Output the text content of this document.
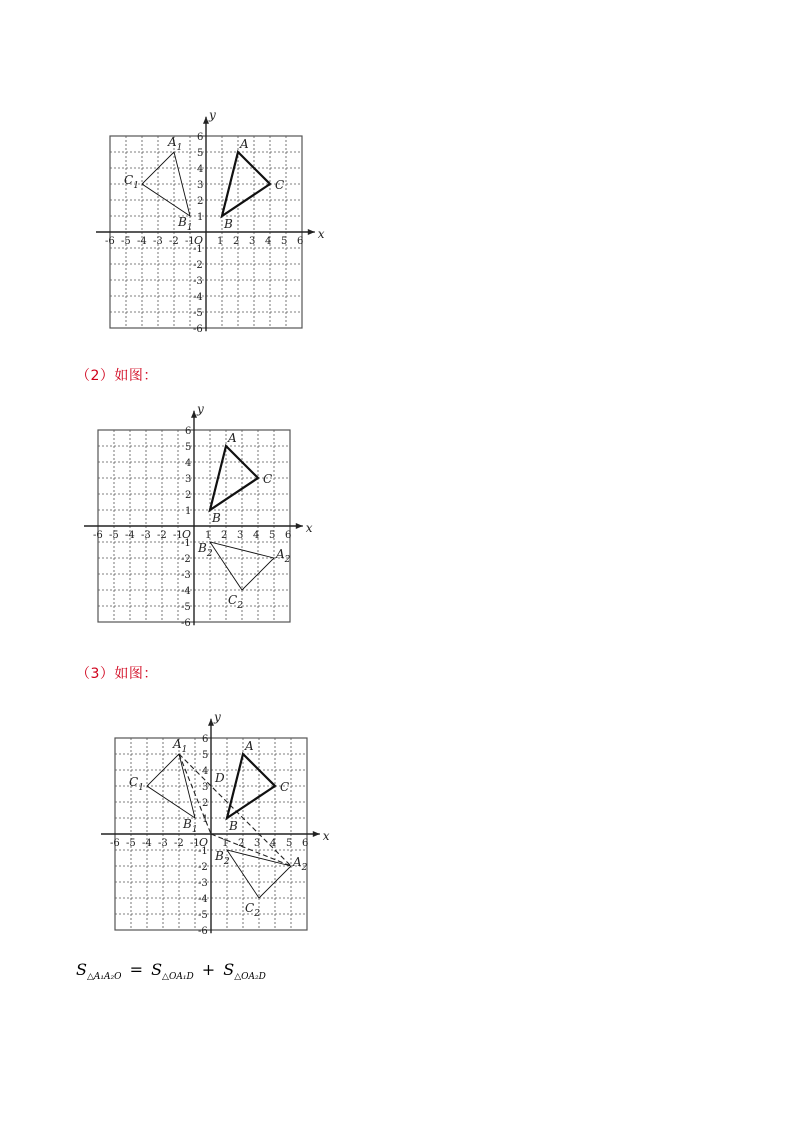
x
y
O
-6 -5 -4 -3 -2 -1 1 2 3 4 5 6
6
5
4
3
2
1
-1
-2
-3
-4
-5
-6
A
C
B
$A_1$
$B_1$
$C_1$
（2）如图：
x
y
O
-6 -5 -4 -3 -2 -1 1 2 3 4 5 6
6
5
4
3
2
1
-1
-2
-3
-4
-5
-6
A
C
B
$A_2$
$B_2$
$C_2$
（3）如图：
x
y
O
-6 -5 -4 -3 -2 -1 1 2 3 4 5 6
6
5
4
3
2
1
-1
-2
-3
-4
-5
-6
A
C
B
$A_1$
$B_1$
$C_1$
$A_2$
$B_2$
$C_2$
D
$S_{\triangle A_1A_2O} = S_{\triangle OA_1D} + S_{\triangle OA_2D}$
